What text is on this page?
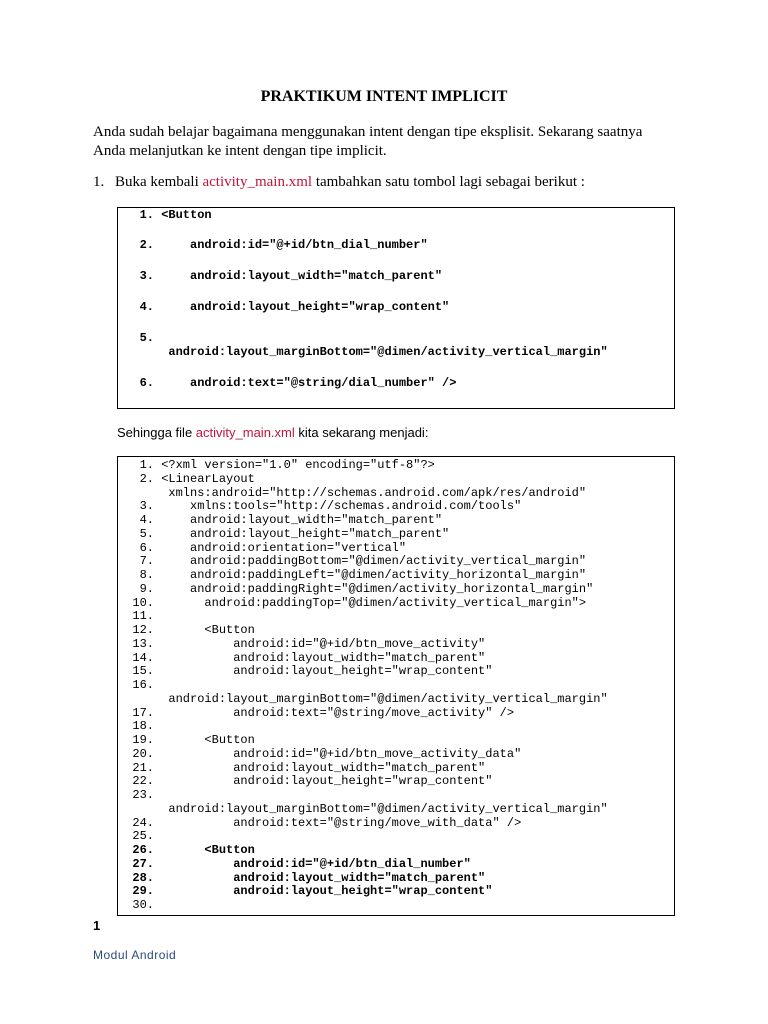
PRAKTIKUM INTENT IMPLICIT
Anda sudah belajar bagaimana menggunakan intent dengan tipe eksplisit. Sekarang saatnya
Anda melanjutkan ke intent dengan tipe implicit.
1. Buka kembali activity_main.xml tambahkan satu tombol lagi sebagai berikut :
1. <Button
2.     android:id="@+id/btn_dial_number"
3.     android:layout_width="match_parent"
4.     android:layout_height="wrap_content"
5.
android:layout_marginBottom="@dimen/activity_vertical_margin"
6.     android:text="@string/dial_number" />
Sehingga file activity_main.xml kita sekarang menjadi:
1. <?xml version="1.0" encoding="utf-8"?>
2. <LinearLayout
xmlns:android="http://schemas.android.com/apk/res/android"
3.     xmlns:tools="http://schemas.android.com/tools"
4.     android:layout_width="match_parent"
5.     android:layout_height="match_parent"
6.     android:orientation="vertical"
7.     android:paddingBottom="@dimen/activity_vertical_margin"
8.     android:paddingLeft="@dimen/activity_horizontal_margin"
9.     android:paddingRight="@dimen/activity_horizontal_margin"
10.       android:paddingTop="@dimen/activity_vertical_margin">
11.
12.       <Button
13.           android:id="@+id/btn_move_activity"
14.           android:layout_width="match_parent"
15.           android:layout_height="wrap_content"
16.
android:layout_marginBottom="@dimen/activity_vertical_margin"
17.           android:text="@string/move_activity" />
18.
19.       <Button
20.           android:id="@+id/btn_move_activity_data"
21.           android:layout_width="match_parent"
22.           android:layout_height="wrap_content"
23.
android:layout_marginBottom="@dimen/activity_vertical_margin"
24.           android:text="@string/move_with_data" />
25.
26.       <Button
27.           android:id="@+id/btn_dial_number"
28.           android:layout_width="match_parent"
29.           android:layout_height="wrap_content"
30.
1
Modul Android
